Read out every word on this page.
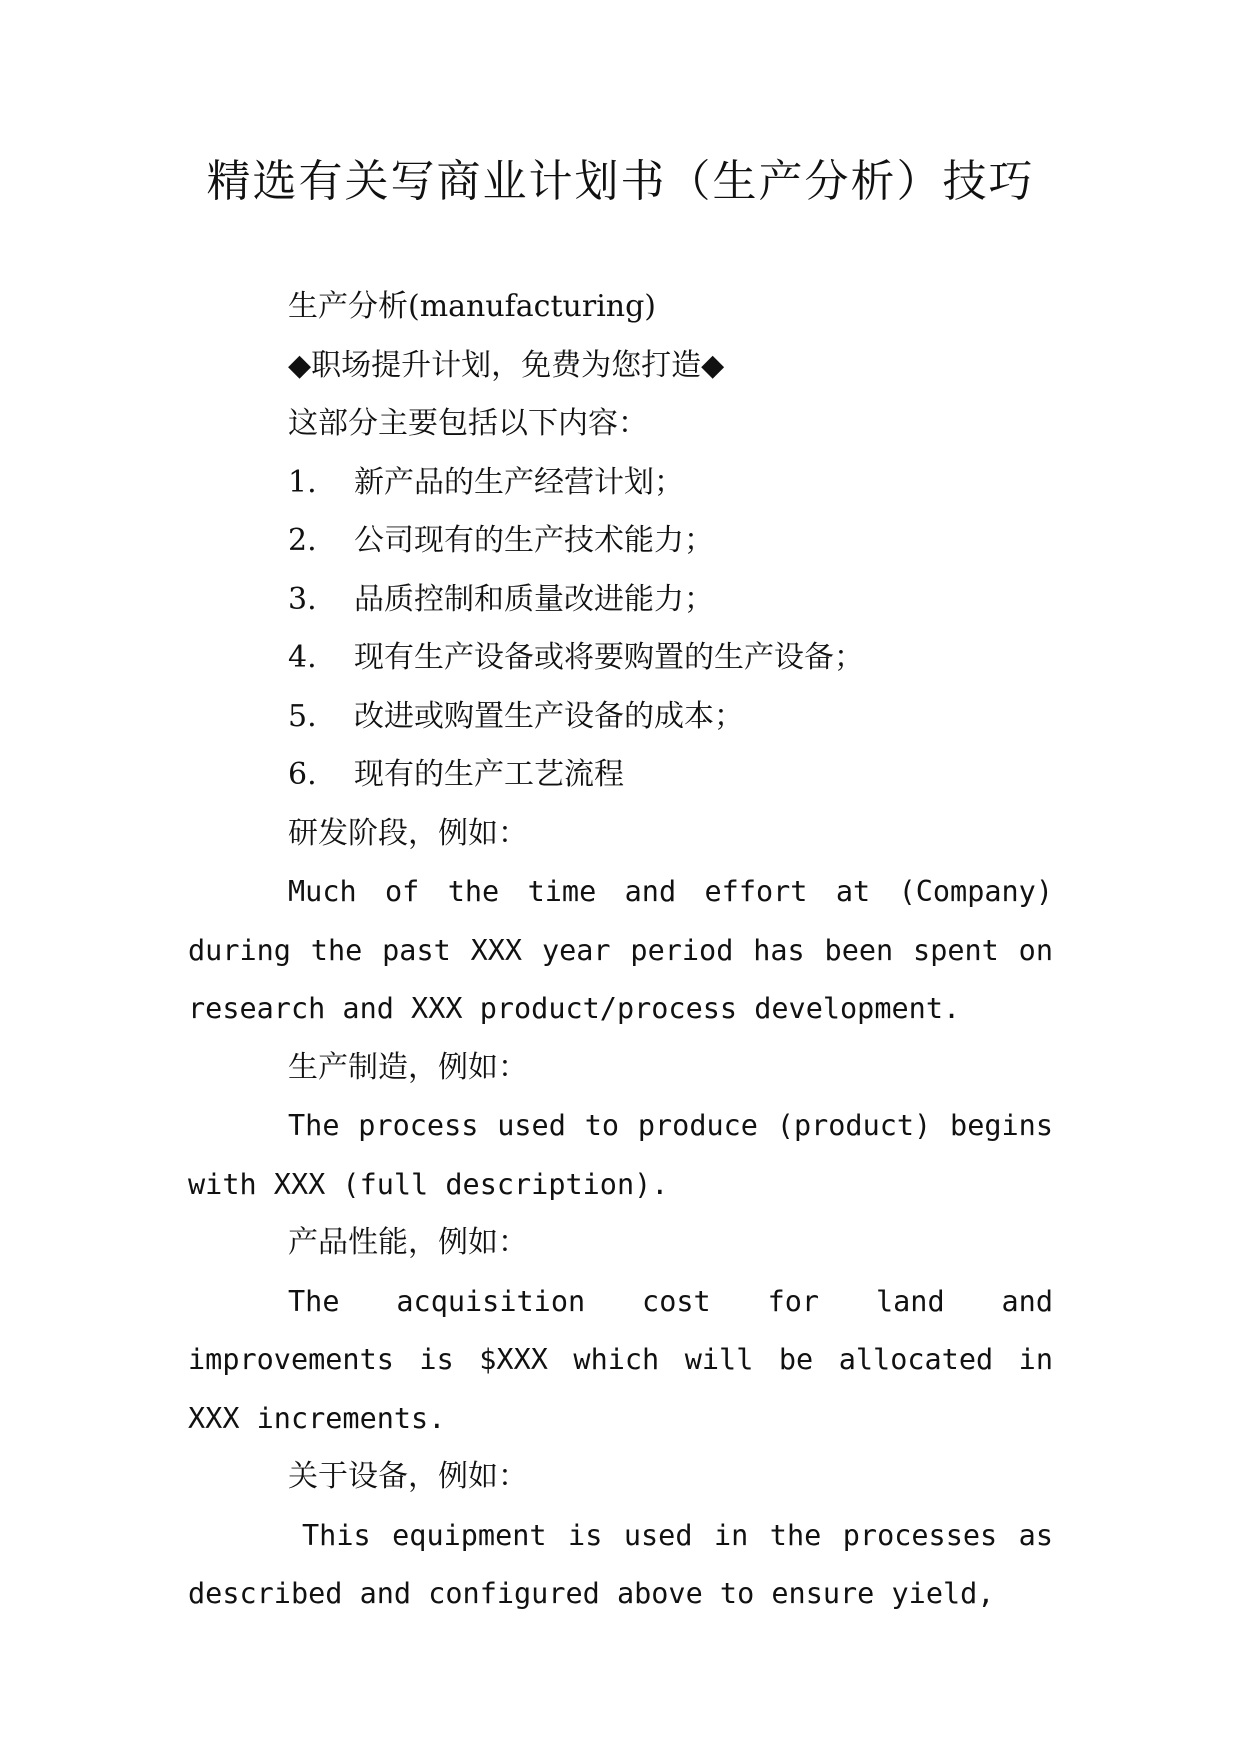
精选有关写商业计划书（生产分析）技巧

生产分析(manufacturing)

◆职场提升计划，免费为您打造◆

这部分主要包括以下内容：

1. 新产品的生产经营计划；

2. 公司现有的生产技术能力；

3. 品质控制和质量改进能力；

4. 现有生产设备或将要购置的生产设备；

5. 改进或购置生产设备的成本；

6. 现有的生产工艺流程

研发阶段，例如：

Much of the time and effort at (Company) during the past XXX year period has been spent on research and XXX product/process development.

生产制造，例如：

The process used to produce (product) begins with XXX (full description).

产品性能，例如：

The acquisition cost for land and improvements is $XXX which will be allocated in XXX increments.

关于设备，例如：

This equipment is used in the processes as described and configured above to ensure yield,
